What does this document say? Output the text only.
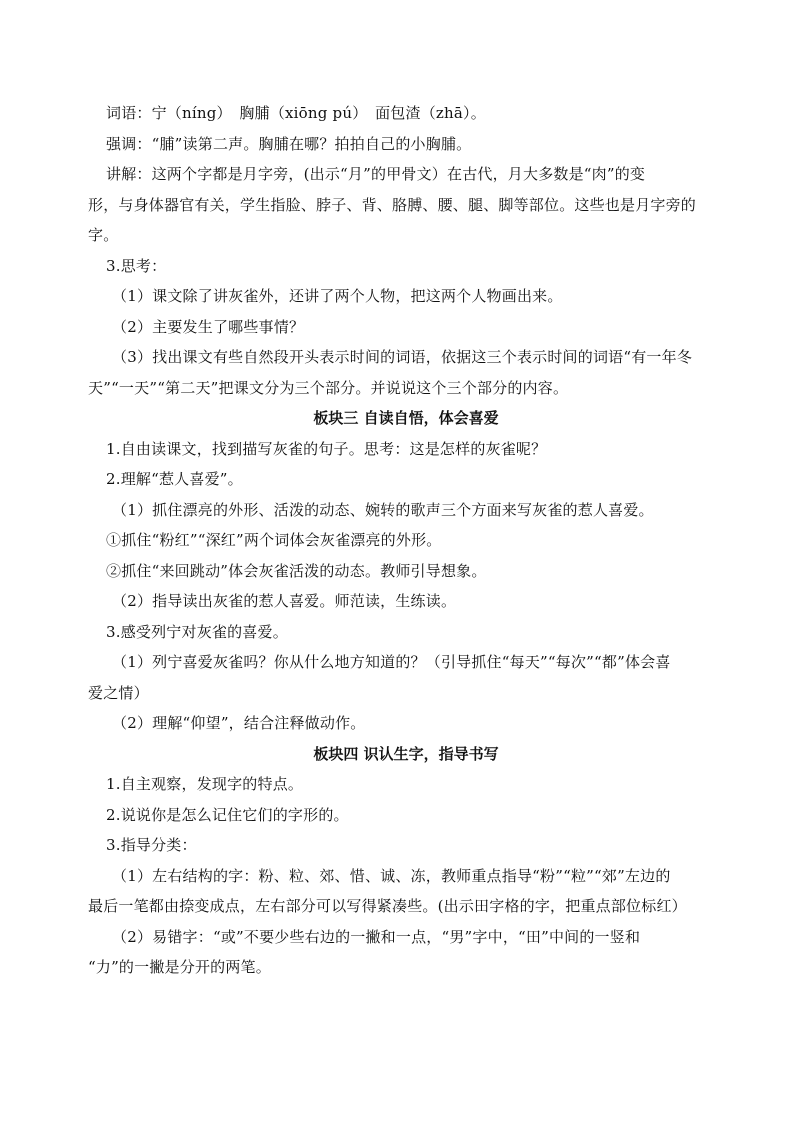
词语：宁（níng）　胸脯（xiōng pú）　面包渣（zhā）。
强调：“脯”读第二声。胸脯在哪？拍拍自己的小胸脯。
讲解：这两个字都是月字旁，(出示“月”的甲骨文）在古代，月大多数是“肉”的变
形，与身体器官有关，学生指脸、脖子、背、胳膊、腰、腿、脚等部位。这些也是月字旁的
字。
3.思考：
（1）课文除了讲灰雀外，还讲了两个人物，把这两个人物画出来。
（2）主要发生了哪些事情？
（3）找出课文有些自然段开头表示时间的词语，依据这三个表示时间的词语“有一年冬
天”“一天”“第二天”把课文分为三个部分。并说说这个三个部分的内容。
板块三 自读自悟，体会喜爱
1.自由读课文，找到描写灰雀的句子。思考：这是怎样的灰雀呢？
2.理解“惹人喜爱”。
（1）抓住漂亮的外形、活泼的动态、婉转的歌声三个方面来写灰雀的惹人喜爱。
①抓住“粉红”“深红”两个词体会灰雀漂亮的外形。
②抓住“来回跳动”体会灰雀活泼的动态。教师引导想象。
（2）指导读出灰雀的惹人喜爱。师范读，生练读。
3.感受列宁对灰雀的喜爱。
（1）列宁喜爱灰雀吗？你从什么地方知道的？（引导抓住“每天”“每次”“都”体会喜
爱之情）
（2）理解“仰望”，结合注释做动作。
板块四 识认生字，指导书写
1.自主观察，发现字的特点。
2.说说你是怎么记住它们的字形的。
3.指导分类：
（1）左右结构的字：粉、粒、郊、惜、诚、冻，教师重点指导“粉”“粒”“郊”左边的
最后一笔都由捺变成点，左右部分可以写得紧凑些。(出示田字格的字，把重点部位标红）
（2）易错字：“或”不要少些右边的一撇和一点，“男”字中，“田”中间的一竖和
“力”的一撇是分开的两笔。
